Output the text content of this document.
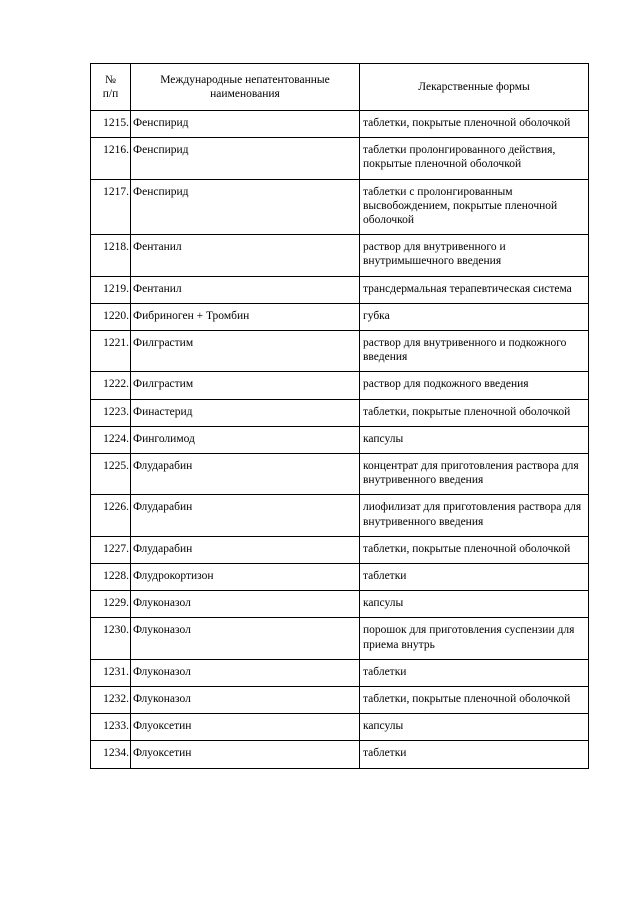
№
п/п	Международные непатентованные наименования	Лекарственные формы
1215.	Фенспирид	таблетки, покрытые пленочной оболочкой
1216.	Фенспирид	таблетки пролонгированного действия, покрытые пленочной оболочкой
1217.	Фенспирид	таблетки с пролонгированным высвобождением, покрытые пленочной оболочкой
1218.	Фентанил	раствор для внутривенного и внутримышечного введения
1219.	Фентанил	трансдермальная терапевтическая система
1220.	Фибриноген + Тромбин	губка
1221.	Филграстим	раствор для внутривенного и подкожного введения
1222.	Филграстим	раствор для подкожного введения
1223.	Финастерид	таблетки, покрытые пленочной оболочкой
1224.	Финголимод	капсулы
1225.	Флударабин	концентрат для приготовления раствора для внутривенного введения
1226.	Флударабин	лиофилизат для приготовления раствора для внутривенного введения
1227.	Флударабин	таблетки, покрытые пленочной оболочкой
1228.	Флудрокортизон	таблетки
1229.	Флуконазол	капсулы
1230.	Флуконазол	порошок для приготовления суспензии для приема внутрь
1231.	Флуконазол	таблетки
1232.	Флуконазол	таблетки, покрытые пленочной оболочкой
1233.	Флуоксетин	капсулы
1234.	Флуоксетин	таблетки
